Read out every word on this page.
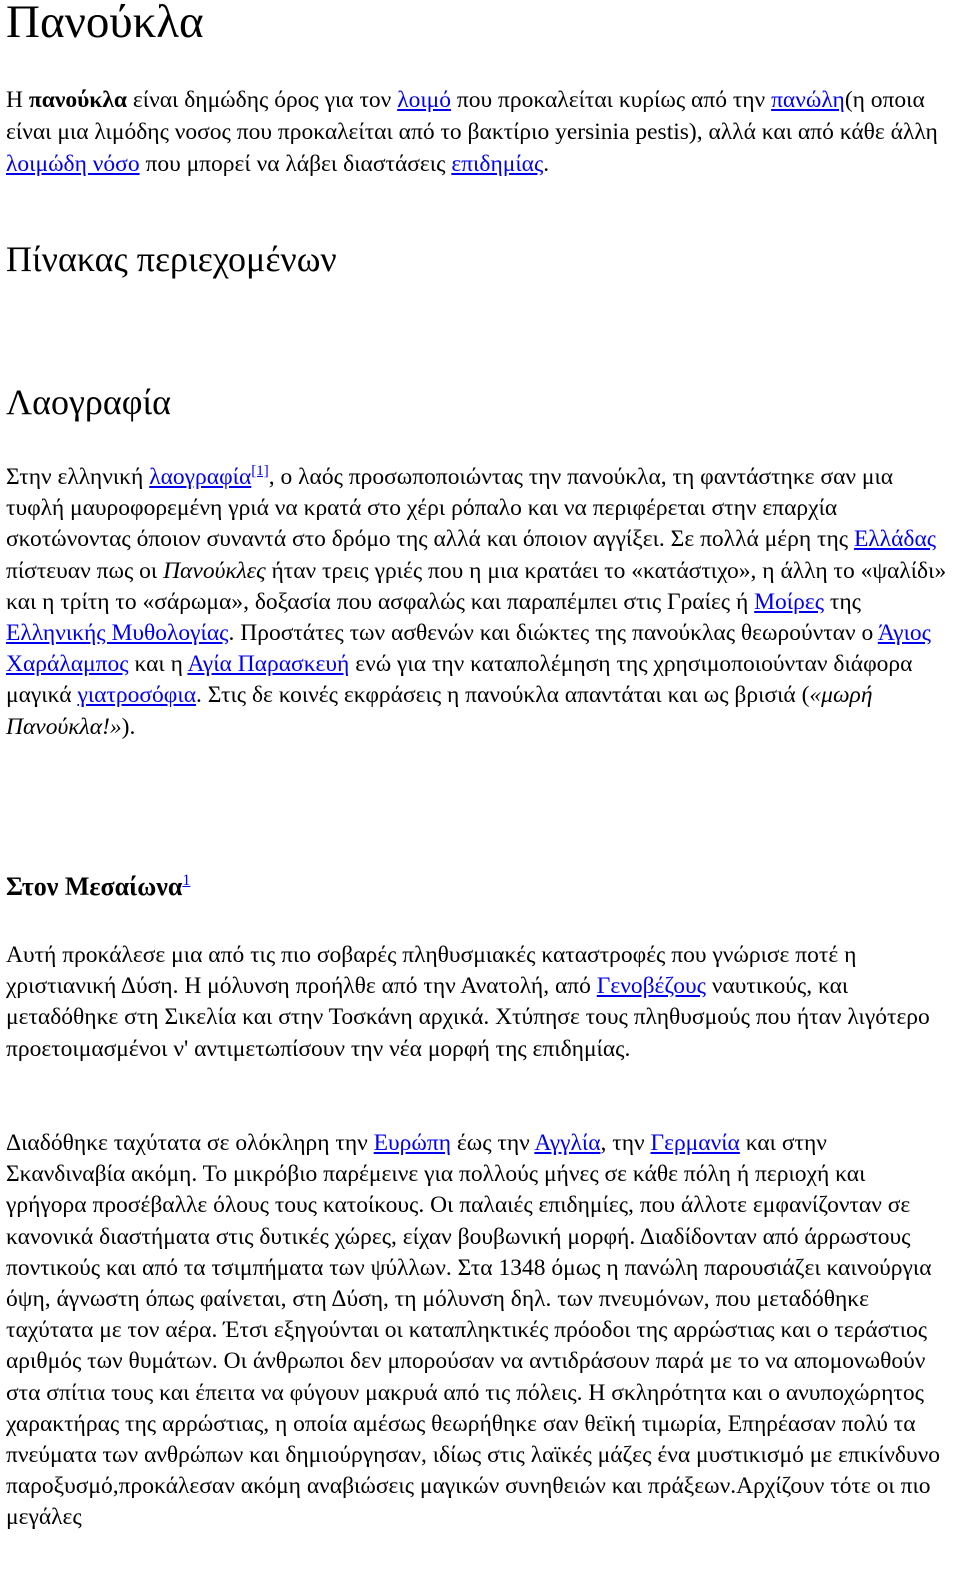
Πανούκλα

Η πανούκλα είναι δημώδης όρος για τον λοιμό που προκαλείται κυρίως από την πανώλη(η οποια είναι μια λιμόδης νοσος που προκαλείται από το βακτίριο yersinia pestis), αλλά και από κάθε άλλη λοιμώδη νόσο που μπορεί να λάβει διαστάσεις επιδημίας.

Πίνακας περιεχομένων
Λαογραφία

Στην ελληνική λαογραφία[1], ο λαός προσωποποιώντας την πανούκλα, τη φαντάστηκε σαν μια τυφλή μαυροφορεμένη γριά να κρατά στο χέρι ρόπαλο και να περιφέρεται στην επαρχία σκοτώνοντας όποιον συναντά στο δρόμο της αλλά και όποιον αγγίξει. Σε πολλά μέρη της Ελλάδας πίστευαν πως οι Πανούκλες ήταν τρεις γριές που η μια κρατάει το «κατάστιχο», η άλλη το «ψαλίδι» και η τρίτη το «σάρωμα», δοξασία που ασφαλώς και παραπέμπει στις Γραίες ή Μοίρες της Ελληνικής Μυθολογίας. Προστάτες των ασθενών και διώκτες της πανούκλας θεωρούνταν ο Άγιος Χαράλαμπος και η Αγία Παρασκευή ενώ για την καταπολέμηση της χρησιμοποιούνταν διάφορα μαγικά γιατροσόφια. Στις δε κοινές εκφράσεις η πανούκλα απαντάται και ως βρισιά («μωρή Πανούκλα!»).

Στον Μεσαίωνα$^1$

Αυτή προκάλεσε μια από τις πιο σοβαρές πληθυσμιακές καταστροφές που γνώρισε ποτέ η χριστιανική Δύση. Η μόλυνση προήλθε από την Ανατολή, από Γενοβέζους ναυτικούς, και μεταδόθηκε στη Σικελία και στην Τοσκάνη αρχικά. Χτύπησε τους πληθυσμούς που ήταν λιγότερο προετοιμασμένοι ν' αντιμετωπίσουν την νέα μορφή της επιδημίας.

Διαδόθηκε ταχύτατα σε ολόκληρη την Ευρώπη έως την Αγγλία, την Γερμανία και στην Σκανδιναβία ακόμη. Το μικρόβιο παρέμεινε για πολλούς μήνες σε κάθε πόλη ή περιοχή και γρήγορα προσέβαλλε όλους τους κατοίκους. Οι παλαιές επιδημίες, που άλλοτε εμφανίζονταν σε κανονικά διαστήματα στις δυτικές χώρες, είχαν βουβωνική μορφή. Διαδίδονταν από άρρωστους ποντικούς και από τα τσιμπήματα των ψύλλων. Στα 1348 όμως η πανώλη παρουσιάζει καινούργια όψη, άγνωστη όπως φαίνεται, στη Δύση, τη μόλυνση δηλ. των πνευμόνων, που μεταδόθηκε ταχύτατα με τον αέρα. Έτσι εξηγούνται οι καταπληκτικές πρόοδοι της αρρώστιας και ο τεράστιος αριθμός των θυμάτων. Οι άνθρωποι δεν μπορούσαν να αντιδράσουν παρά με το να απομονωθούν στα σπίτια τους και έπειτα να φύγουν μακρυά από τις πόλεις. Η σκληρότητα και ο ανυποχώρητος χαρακτήρας της αρρώστιας, η οποία αμέσως θεωρήθηκε σαν θεϊκή τιμωρία, Επηρέασαν πολύ τα πνεύματα των ανθρώπων και δημιούργησαν, ιδίως στις λαϊκές μάζες ένα μυστικισμό με επικίνδυνο παροξυσμό,προκάλεσαν ακόμη αναβιώσεις μαγικών συνηθειών και πράξεων.Αρχίζουν τότε οι πιο μεγάλες
